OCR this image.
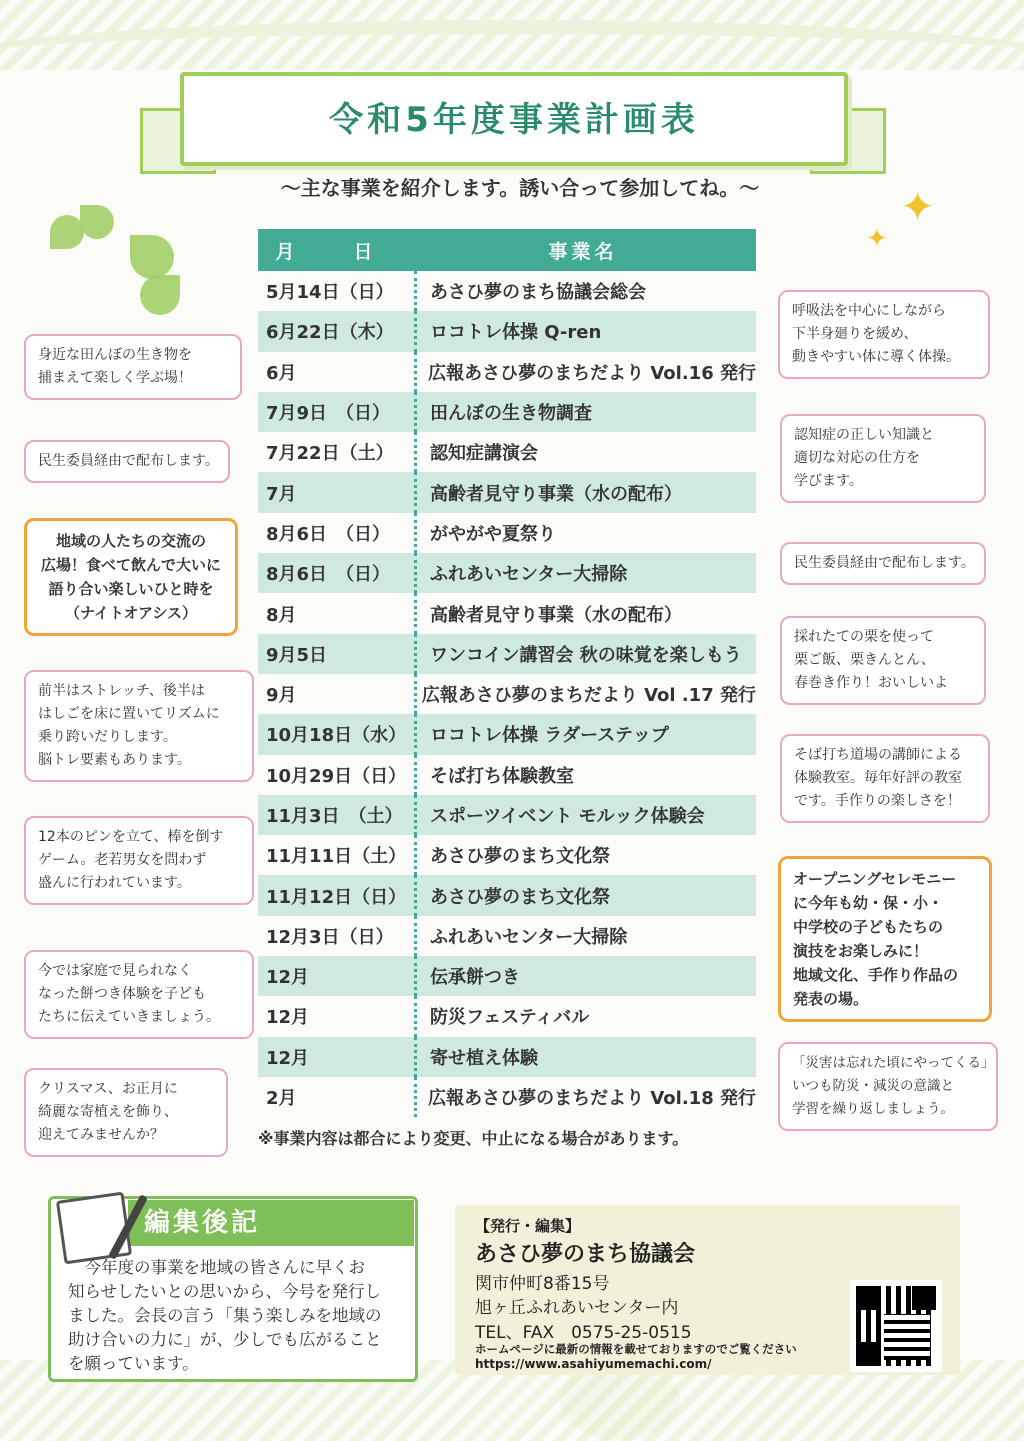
令和5年度事業計画表
〜主な事業を紹介します。誘い合って参加してね。〜	✦
✦
月　日	事業名
5月14日（日）	あさひ夢のまち協議会総会
6月22日（木）	ロコトレ体操 Q-ren
6月	広報あさひ夢のまちだより Vol.16 発行
7月9日　（日）	田んぼの生き物調査
7月22日（土）	認知症講演会
7月	高齢者見守り事業（水の配布）
8月6日　（日）	がやがや夏祭り
8月6日　（日）	ふれあいセンター大掃除
8月	高齢者見守り事業（水の配布）
9月5日	ワンコイン講習会 秋の味覚を楽しもう
9月	広報あさひ夢のまちだより Vol .17 発行
10月18日（水）	ロコトレ体操 ラダーステップ
10月29日（日）	そば打ち体験教室
11月3日　（土）	スポーツイベント モルック体験会
11月11日（土）	あさひ夢のまち文化祭
11月12日（日）	あさひ夢のまち文化祭
12月3日（日）	ふれあいセンター大掃除
12月	伝承餅つき
12月	防災フェスティバル
12月	寄せ植え体験
2月	広報あさひ夢のまちだより Vol.18 発行
※事業内容は都合により変更、中止になる場合があります。
身近な田んぼの生き物を
捕まえて楽しく学ぶ場！
民生委員経由で配布します。
地域の人たちの交流の
広場！食べて飲んで大いに
語り合い楽しいひと時を
（ナイトオアシス）
前半はストレッチ、後半は
はしごを床に置いてリズムに
乗り跨いだりします。
脳トレ要素もあります。
12本のピンを立て、棒を倒す
ゲーム。老若男女を問わず
盛んに行われています。
今では家庭で見られなく
なった餅つき体験を子ども
たちに伝えていきましょう。
クリスマス、お正月に
綺麗な寄植えを飾り、
迎えてみませんか？
呼吸法を中心にしながら
下半身廻りを緩め、
動きやすい体に導く体操。
認知症の正しい知識と
適切な対応の仕方を
学びます。
民生委員経由で配布します。
採れたての栗を使って
栗ご飯、栗きんとん、
春巻き作り！おいしいよ
そば打ち道場の講師による
体験教室。毎年好評の教室
です。手作りの楽しさを！
オープニングセレモニー
に今年も幼・保・小・
中学校の子どもたちの
演技をお楽しみに！
地域文化、手作り作品の
発表の場。
「災害は忘れた頃にやってくる」
いつも防災・減災の意識と
学習を繰り返しましょう。
編集後記
　今年度の事業を地域の皆さんに早くお
知らせしたいとの思いから、今号を発行し
ました。会長の言う「集う楽しみを地域の
助け合いの力に」が、少しでも広がること
を願っています。
【発行・編集】
あさひ夢のまち協議会
関市仲町8番15号
旭ヶ丘ふれあいセンター内
TEL、FAX　0575-25-0515
ホームページに最新の情報を載せておりますのでご覧ください
https://www.asahiyumemachi.com/
